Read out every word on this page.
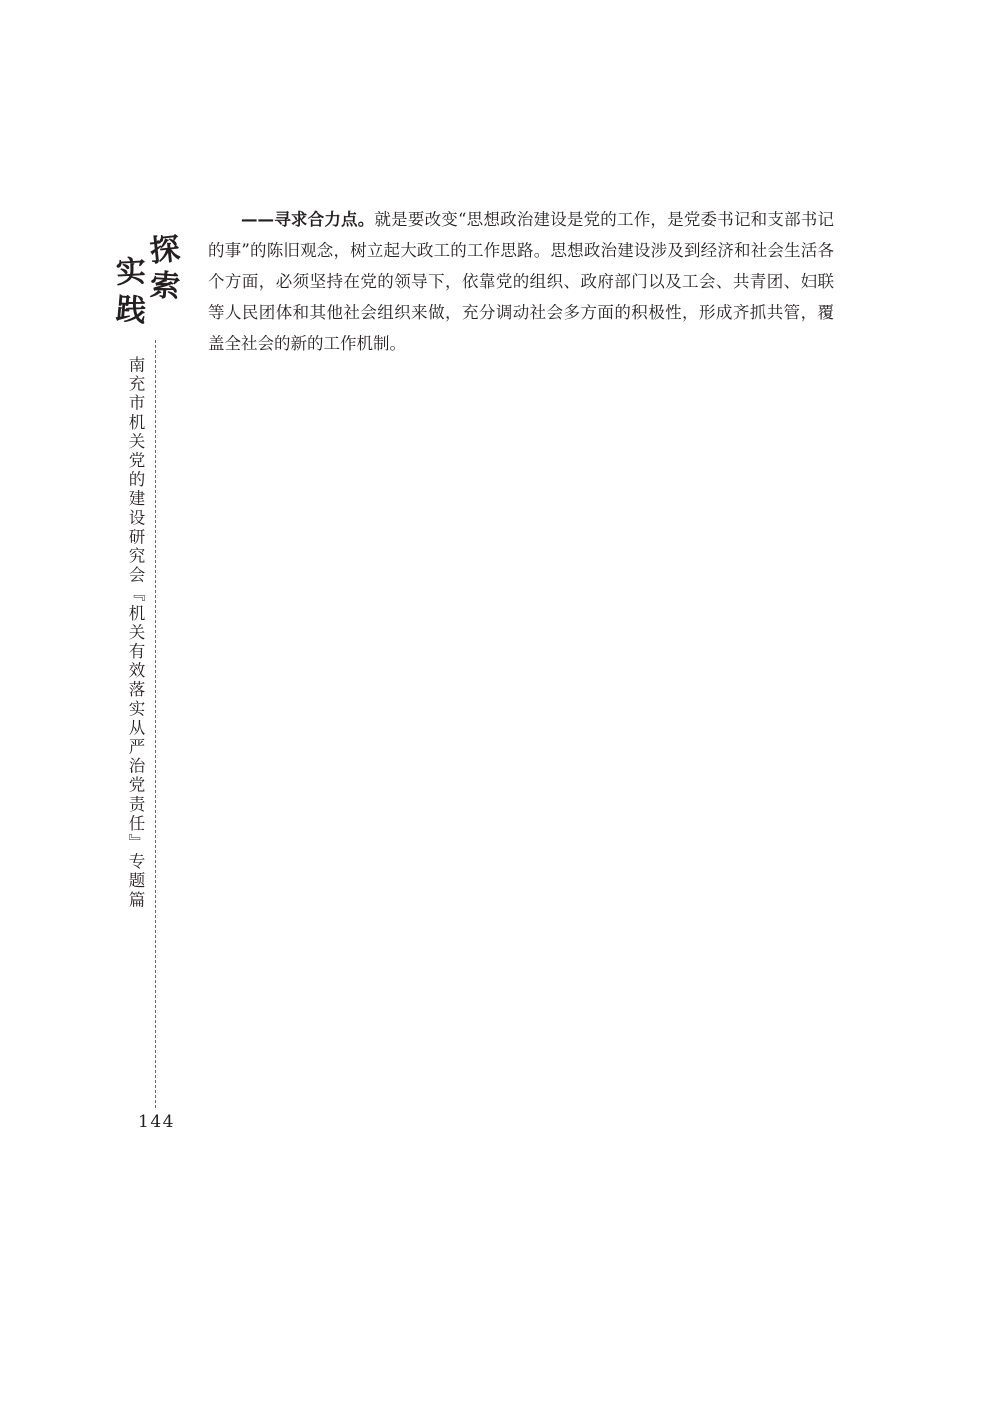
探
索
实
践
南充市机关党的建设研究会『机关有效落实从严治党责任』专题篇
144

——寻求合力点。就是要改变“思想政治建设是党的工作，是党委书记和支部书记的事”的陈旧观念，树立起大政工的工作思路。思想政治建设涉及到经济和社会生活各个方面，必须坚持在党的领导下，依靠党的组织、政府部门以及工会、共青团、妇联等人民团体和其他社会组织来做，充分调动社会多方面的积极性，形成齐抓共管，覆盖全社会的新的工作机制。
